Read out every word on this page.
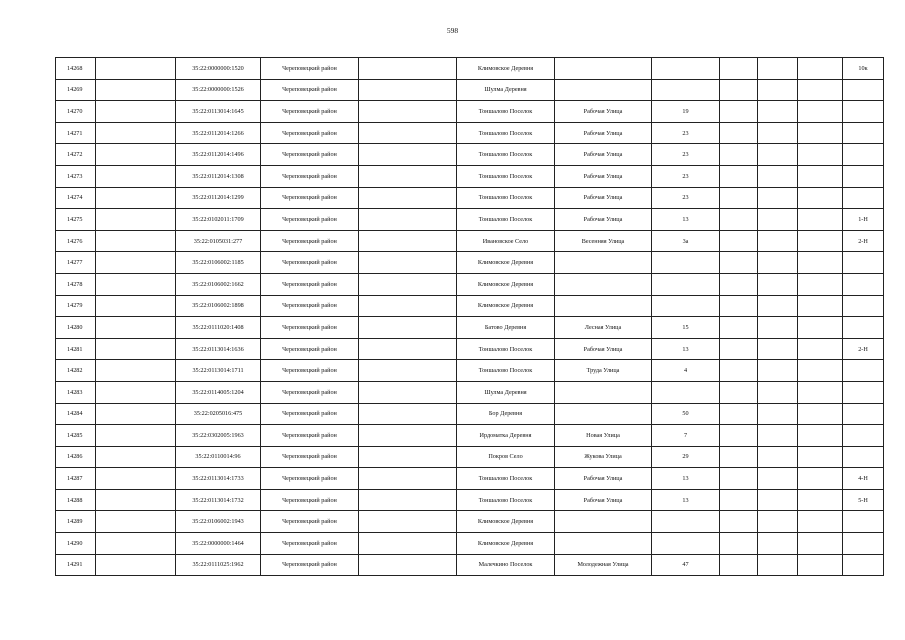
598
14268		35:22:0000000:1520	Череповецкий район		Климовское Деревня						10к
14269		35:22:0000000:1526	Череповецкий район		Шулма Деревня						
14270		35:22:0113014:1645	Череповецкий район		Тоншалово Поселок	Рабочая Улица	19				
14271		35:22:0112014:1266	Череповецкий район		Тоншалово Поселок	Рабочая Улица	23				
14272		35:22:0112014:1496	Череповецкий район		Тоншалово Поселок	Рабочая Улица	23				
14273		35:22:0112014:1308	Череповецкий район		Тоншалово Поселок	Рабочая Улица	23				
14274		35:22:0112014:1299	Череповецкий район		Тоншалово Поселок	Рабочая Улица	23				
14275		35:22:0102011:1709	Череповецкий район		Тоншалово Поселок	Рабочая Улица	13				1-Н
14276		35:22:0105031:277	Череповецкий район		Ивановское Село	Весенняя Улица	3а				2-Н
14277		35:22:0106002:1185	Череповецкий район		Климовское Деревня						
14278		35:22:0106002:1662	Череповецкий район		Климовское Деревня						
14279		35:22:0106002:1898	Череповецкий район		Климовское Деревня						
14280		35:22:0111020:1408	Череповецкий район		Батово Деревня	Лесная Улица	15				
14281		35:22:0113014:1636	Череповецкий район		Тоншалово Поселок	Рабочая Улица	13				2-Н
14282		35:22:0113014:1711	Череповецкий район		Тоншалово Поселок	Труда Улица	4				
14283		35:22:0114005:1204	Череповецкий район		Шулма Деревня						
14284		35:22:0205016:475	Череповецкий район		Бор Деревня		50				
14285		35:22:0302005:1963	Череповецкий район		Ирдоматка Деревня	Новая Улица	7				
14286		35:22:0110014:96	Череповецкий район		Покров Село	Жукова Улица	29				
14287		35:22:0113014:1733	Череповецкий район		Тоншалово Поселок	Рабочая Улица	13				4-Н
14288		35:22:0113014:1732	Череповецкий район		Тоншалово Поселок	Рабочая Улица	13				5-Н
14289		35:22:0106002:1943	Череповецкий район		Климовское Деревня						
14290		35:22:0000000:1464	Череповецкий район		Климовское Деревня						
14291		35:22:0111025:1962	Череповецкий район		Малечкино Поселок	Молодежная Улица	47				
